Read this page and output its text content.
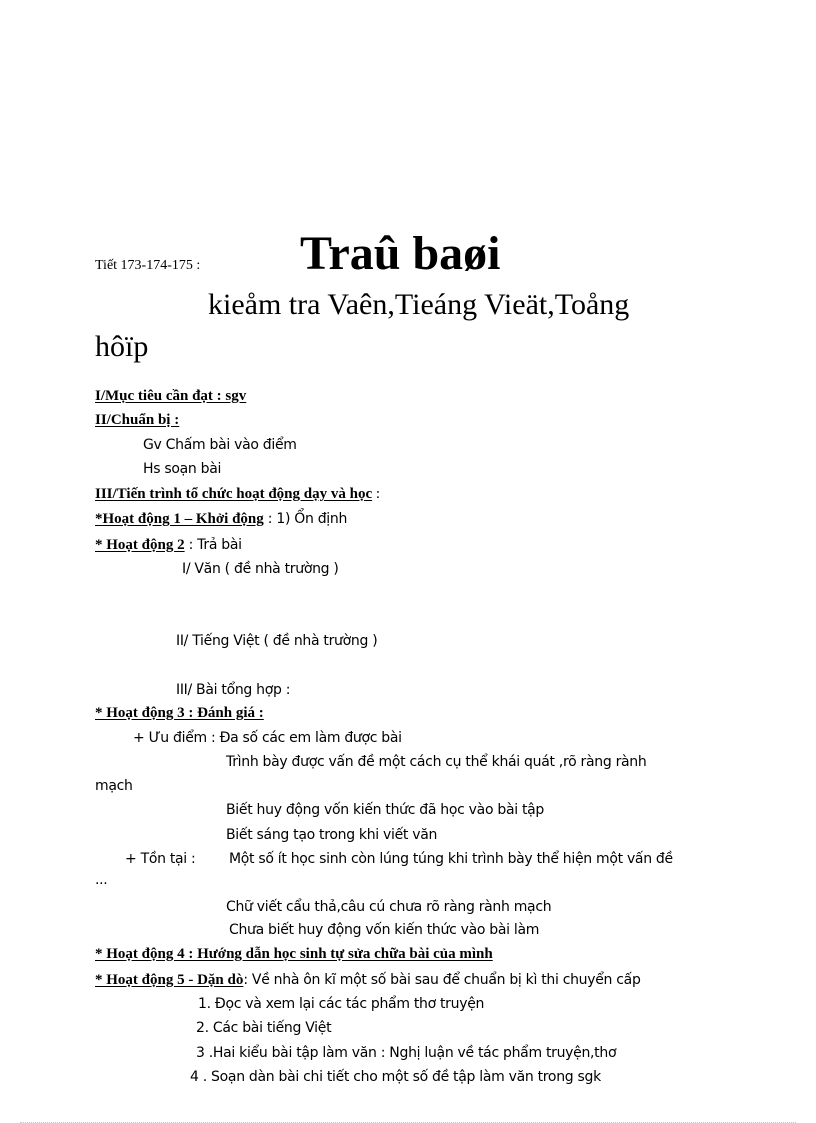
Tiết 173-174-175 : Traû baøi
kieåm tra Vaên,Tieáng Vieät,Toång
hôïp
I/Mục tiêu cần đạt : sgv
II/Chuẩn bị :
Gv Chấm bài vào điểm
Hs soạn bài
III/Tiến trình tổ chức hoạt động dạy và học :
*Hoạt động 1 – Khởi động : 1) Ổn định
* Hoạt động 2 : Trả bài
I/ Văn ( đề nhà trường )
II/ Tiếng Việt ( đề nhà trường )
III/ Bài tổng hợp :
* Hoạt động 3 : Đánh giá :
+ Ưu điểm : Đa số các em làm được bài
Trình bày được vấn đề một cách cụ thể khái quát ,rõ ràng rành
mạch
Biết huy động vốn kiến thức đã học vào bài tập
Biết sáng tạo trong khi viết văn
+ Tồn tại : Một số ít học sinh còn lúng túng khi trình bày thể hiện một vấn đề
...
Chữ viết cẩu thả,câu cú chưa rõ ràng rành mạch
Chưa biết huy động vốn kiến thức vào bài làm
* Hoạt động 4 : Hướng dẫn học sinh tự sửa chữa bài của mình
* Hoạt động 5 - Dặn dò: Về nhà ôn kĩ một số bài sau để chuẩn bị kì thi chuyển cấp
1. Đọc và xem lại các tác phẩm thơ truyện
2. Các bài tiếng Việt
3 .Hai kiểu bài tập làm văn : Nghị luận về tác phẩm truyện,thơ
4 . Soạn dàn bài chi tiết cho một số đề tập làm văn trong sgk
